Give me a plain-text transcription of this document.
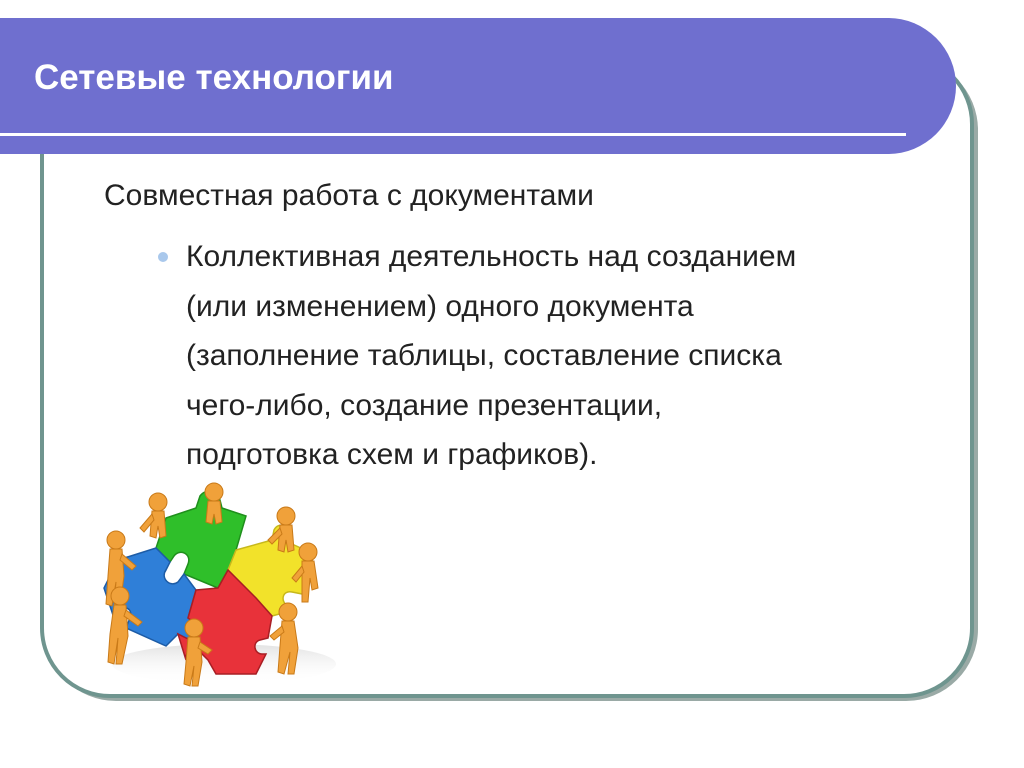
Сетевые технологии

Совместная работа с документами

Коллективная деятельность над созданием
(или изменением) одного документа
(заполнение таблицы, составление списка
чего-либо, создание презентации,
подготовка схем и графиков).
